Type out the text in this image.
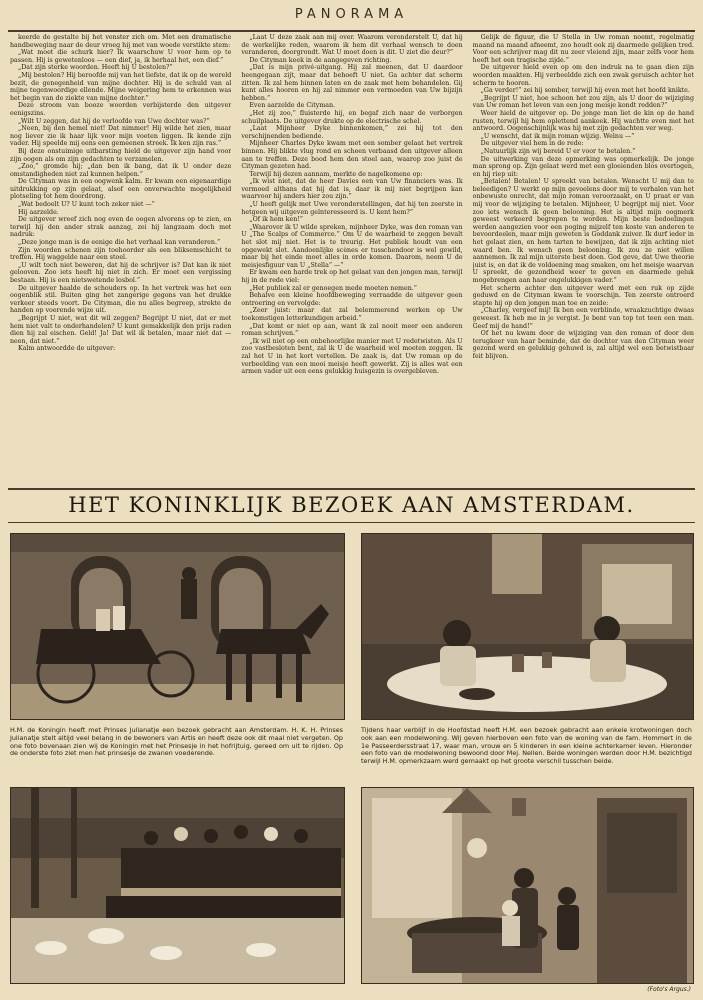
PANORAMA

keerde de gestalte bij het venster zich om. Met een dramatische handbeweging naar de deur vroeg hij met van woede verstikte stem:

„Wat moet die schurk hier? Ik waarschuw U voor hem op te passen. Hij is gewetenloos — een dief, ja, ik herhaal het, een dief.”

„Dat zijn sterke woorden. Heeft hij U bestolen?”

„Mij bestolen? Hij beroofde mij van het liefste, dat ik op de wereld bezit, de genegenheid van mijne dochter. Hij is de schuld van al mijne tegenwoordige ellende. Mijne weigering hem te erkennen was het begin van de ziekte van mijne dochter.”

Deze stroom van booze woorden verbijsterde den uitgever eenigszins.

„Wilt U zeggen, dat hij de verloofde van Uwe dochter was?”

„Neen, bij den hemel niet! Dat nimmer! Hij wilde het zien, maar nog liever zie ik haar lijk voor mijn voeten liggen. Ik kende zijn vader. Hij speelde mij eens een gemeenen streek. Ik ken zijn ras.”

Bij deze onstuimige uitbarsting hield de uitgever zijn hand voor zijn oogen als om zijn gedachten te verzamelen.

„Zoo,” gromde hij; „dan ben ik bang, dat ik U onder deze omstandigheden niet zal kunnen helpen.”

De Cityman was in een oogwenk kalm. Er kwam een eigenaardige uitdrukking op zijn gelaat, alsof een onverwachte mogelijkheid plotseling tot hem doordrong.

„Wat bedoelt U? U kunt toch zeker niet —”

Hij aarzelde.

De uitgever wreef zich nog even de oogen alvorens op te zien, en terwijl hij den ander strak aanzag, zei hij langzaam doch met nadruk:

„Deze jonge man is de eenige die het verhaal kan veranderen.”

Zijn woorden schenen zijn toehoorder als een bliksemschicht te treffen. Hij waggelde naar een stoel.

„U wilt toch niet beweren, dat hij de schrijver is? Dat kan ik niet gelooven. Zoo iets heeft hij niet in zich. Er moet een vergissing bestaan. Hij is een nietswetende losbol.”

De uitgever haalde de schouders op. In het vertrek was het een oogenblik stil. Buiten ging het zangerige gegons van het drukke verkeer steeds voort. De Cityman, die nu alles begreep, strekte de handen op voerende wijze uit.

„Begrijpt U niet, wat dit wil zeggen? Begrijpt U niet, dat er met hem niet valt te onderhandelen? U kunt gemakkelijk den prijs raden dien hij zal eischen. Geld! Ja! Dat wil ik betalen, maar niet dat — neen, dat niet.”

Kalm antwoordde de uitgever:

„Laat U deze zaak aan mij over. Waarom veronderstelt U, dat hij de werkelijke reden, waarom ik hem dit verhaal wensch te doen veranderen, doorgrondt. Wat U moet doen is dit. U ziet die deur?”

De Cityman keek in de aangegeven richting.

„Dat is mijn privé-uitgang. Hij zal meenen, dat U daardoor heengegaan zijt, maar dat behoeft U niet. Ga achter dat scherm zitten. Ik zal hem binnen laten en de zaak met hem behandelen. Gij kunt alles hooren en hij zal nimmer een vermoeden van Uw bijzijn hebben.”

Even aarzelde de Cityman.

„Het zij zoo,” fluisterde hij, en begaf zich naar de verborgen schuilplaats. De uitgever drukte op de electrische schel.

„Laat Mijnheer Dyke binnenkomen,” zei hij tot den verschijnenden bediende.

Mijnheer Charles Dyke kwam met een somber gelaat het vertrek binnen. Hij blikte vlug rond en scheen verbaasd den uitgever alleen aan te treffen. Deze bood hem den stoel aan, waarop zoo juist de Cityman gezeten had.

Terwijl hij dezen aannam, merkte de nagelkomene op:

„Ik wist niet, dat de heer Davies een van Uw financiers was. Ik vermoed althans dat hij dat is, daar ik mij niet begrijpen kan waarvoor hij anders hier zou zijn.”

„U heeft gelijk met Uwe veronderstellingen, dat hij ten zeerste in hetgeen wij uitgeven geïnteresseerd is. U kent hem?”

„Of ik hem ken!”

„Waarover ik U wilde spreken, mijnheer Dyke, was den roman van U „The Scalps of Commerce.” Om U de waarheid te zeggen bevalt het slot mij niet. Het is te treurig. Het publiek houdt van een opgewekt slot. Aandoenlijke scènes er tusschendoor is wel gewild, maar bij het einde moet alles in orde komen. Daarom, neem U de meisjesfiguur van U „Stella” —”

Er kwam een harde trek op het gelaat van den jongen man, terwijl hij in de rede viel:

„Het publiek zal er genoegen mede moeten nemen.”

Behalve een kleine hoofdbeweging verraadde de uitgever geen ontroering en vervolgde:

„Zeer juist: maar dat zal belemmerend werken op Uw toekomstigen letterkundigen arbeid.”

„Dat komt er niet op aan, want ik zal nooit meer een anderen roman schrijven.”

„Ik wil niet op een onbehoorlijke manier met U redetwisten. Als U zoo vastbesloten bent, zal ik U de waarheid wel moeten zeggen. Ik zal het U in het kort vertellen. De zaak is, dat Uw roman op de verbeelding van een mooi meisje heeft gewerkt. Zij is alles wat een armen vader uit een eens gelukkig huisgezin is overgebleven.

Gelijk de figuur, die U Stella in Uw roman noemt, regelmatig maand na maand afneemt, zoo houdt ook zij daarmede gelijken tred. Voor een schrijver mag dit nu zeer vleiend zijn, maar zelfs voor hem heeft het een tragische zijde.”

De uitgever hield even op om den indruk na te gaan dien zijn woorden maakten. Hij verbeeldde zich een zwak geruisch achter het scherm te hooren.

„Ga verder!” zei hij somber, terwijl hij even met het hoofd knikte.

„Begrijpt U niet, hoe schoon het zou zijn, als U door de wijziging van Uw roman het leven van een jong meisje kondt redden?”

Weer hield de uitgever op. De jonge man liet de kin op de hand rusten, terwijl hij hem oplettend aankeek. Hij wachtte even met het antwoord. Oogenschijnlijk was hij met zijn gedachten ver weg.

„U wenscht, dat ik mijn roman wijzig. Welnu —”

De uitgever viel hem in de rede:

„Natuurlijk zijn wij bereid U er voor te betalen.”

De uitwerking van deze opmerking was opmerkelijk. De jonge man sprong op. Zijn gelaat werd met een gloeienden blos overtogen, en hij riep uit:

„Betalen! Betalen! U spreekt van betalen. Wenscht U mij dan te beleedigen? U werkt op mijn gevoelens door mij te verhalen van het onbewuste onrecht, dat mijn roman veroorzaakt, en U praat er van mij voor de wijziging te betalen. Mijnheer, U begrijpt mij niet. Voor zoo iets wensch ik geen belooning. Het is altijd mijn oogmerk geweest verkeerd begrepen te worden. Mijn beste bedoelingen werden aangezien voor een poging mijzelf ten koste van anderen te bevoordeelen, maar mijn geweten is Goddank zuiver. Ik durf ieder in het gelaat zien, en hem tarten te bewijzen, dat ik zijn achting niet waard ben. Ik wensch geen belooning. Ik zou ze niet willen aannemen. Ik zal mijn uiterste best doen. God geve, dat Uwe theorie juist is, en dat ik de voldoening mag smaken, om het meisje waarvan U spreekt, de gezondheid weer te geven en daarmede geluk mogebrengen aan haar ongelukkigen vader.”

Het scherm achter den uitgever werd met een ruk op zijde geduwd en de Cityman kwam te voorschijn. Ten zeerste ontroerd stapte hij op den jongen man toe en zeide:

„Charley, vergeef mij! Ik ben een verblinde, wraakzuchtige dwaas geweest. Ik heb me in je vergist. Je bent van top tot teen een man. Geef mij de hand!”

Of het nu kwam door de wijziging van den roman of door den terugkeer van haar beminde, dat de dochter van den Cityman weer gezond werd en gelukkig gehuwd is, zal altijd wel een betwistbaar feit blijven.

HET KONINKLIJK BEZOEK AAN AMSTERDAM.
H.M. de Koningin heeft met Prinses Julianatje een bezoek gebracht aan Amsterdam. H. K. H. Prinses Julianatje stelt altijd veel belang in de bewoners van Artis en heeft deze ook dit maal niet vergeten. Op one foto bovenaan zien wij de Koningin met het Prinsesje in het hofrijtuig, gereed om uit te rijden. Op de onderste foto ziet men het prinsesje de zwanen voederende.
Tijdens haar verblijf in de Hoofdstad heeft H.M. een bezoek gebracht aan enkele krotwoningen doch ook aan een modelwoning. Wij geven hierboven een foto van de woning van de fam. Hommert in de 1e Passeerdersstraat 17, waar man, vrouw en 5 kinderen in een kleine achterkamer leven. Hieronder een foto van de modelwoning bewoond door Mej. Nellen. Beide woningen werden door H.M. bezichtigd terwijl H.M. opmerkzaam werd gemaakt op het groote verschil tusschen beide.
(Foto's Argus.)
